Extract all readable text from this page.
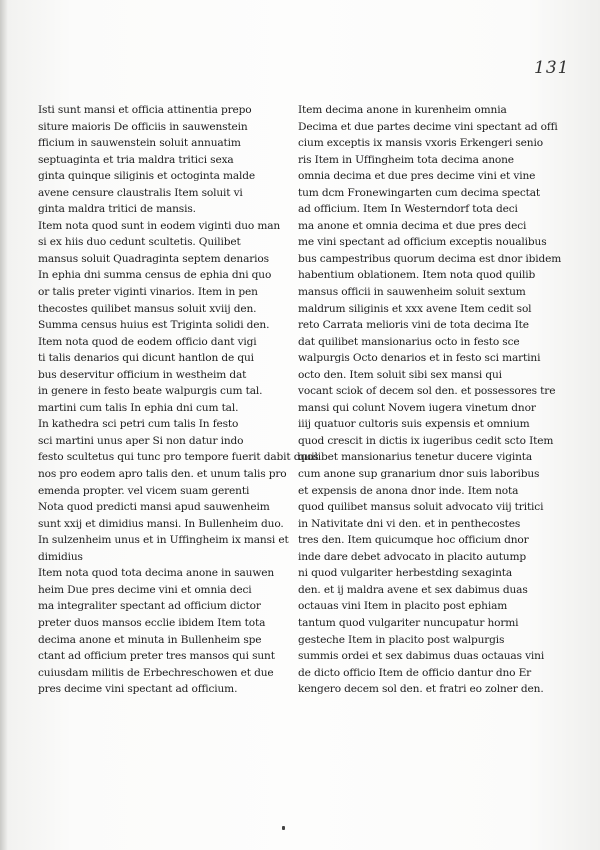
131
Isti sunt mansi et officia attinentia prepo
siture maioris De officiis in sauwenstein
fficium in sauwenstein soluit annuatim
septuaginta et tria maldra tritici sexa
ginta quinque siliginis et octoginta malde
avene censure claustralis Item soluit vi
ginta maldra tritici de mansis.
Item nota quod sunt in eodem viginti duo man
si ex hiis duo cedunt scultetis. Quilibet
mansus soluit Quadraginta septem denarios
In ephia dni summa census de ephia dni quo
or talis preter viginti vinarios. Item in pen
thecostes quilibet mansus soluit xviij den.
Summa census huius est Triginta solidi den.
Item nota quod de eodem officio dant vigi
ti talis denarios qui dicunt hantlon de qui
bus deservitur officium in westheim dat
in genere in festo beate walpurgis cum tal.
martini cum talis In ephia dni cum tal.
In kathedra sci petri cum talis In festo
sci martini unus aper Si non datur indo
festo scultetus qui tunc pro tempore fuerit dabit duos
nos pro eodem apro talis den. et unum talis pro
emenda propter. vel vicem suam gerenti
Nota quod predicti mansi apud sauwenheim
sunt xxij et dimidius mansi. In Bullenheim duo.
In sulzenheim unus et in Uffingheim ix mansi et
dimidius
Item nota quod tota decima anone in sauwen
heim Due pres decime vini et omnia deci
ma integraliter spectant ad officium dictor
preter duos mansos ecclie ibidem Item tota
decima anone et minuta in Bullenheim spe
ctant ad officium preter tres mansos qui sunt
cuiusdam militis de Erbechreschowen et due
pres decime vini spectant ad officium.
Item decima anone in kurenheim omnia
Decima et due partes decime vini spectant ad offi
cium exceptis ix mansis vxoris Erkengeri senio
ris Item in Uffingheim tota decima anone
omnia decima et due pres decime vini et vine
tum dcm Fronewingarten cum decima spectat
ad officium. Item In Westerndorf tota deci
ma anone et omnia decima et due pres deci
me vini spectant ad officium exceptis noualibus
bus campestribus quorum decima est dnor ibidem
habentium oblationem. Item nota quod quilib
mansus officii in sauwenheim soluit sextum
maldrum siliginis et xxx avene Item cedit sol
reto Carrata melioris vini de tota decima Ite
dat quilibet mansionarius octo in festo sce
walpurgis Octo denarios et in festo sci martini
octo den. Item soluit sibi sex mansi qui
vocant sciok of decem sol den. et possessores tre
mansi qui colunt Novem iugera vinetum dnor
iiij quatuor cultoris suis expensis et omnium
quod crescit in dictis ix iugeribus cedit scto Item
quilibet mansionarius tenetur ducere viginta
cum anone sup granarium dnor suis laboribus
et expensis de anona dnor inde. Item nota
quod quilibet mansus soluit advocato viij tritici
in Nativitate dni vi den. et in penthecostes
tres den. Item quicumque hoc officium dnor
inde dare debet advocato in placito autump
ni quod vulgariter herbestding sexaginta
den. et ij maldra avene et sex dabimus duas
octauas vini Item in placito post ephiam
tantum quod vulgariter nuncupatur hormi
gesteche Item in placito post walpurgis
summis ordei et sex dabimus duas octauas vini
de dicto officio Item de officio dantur dno Er
kengero decem sol den. et fratri eo zolner den.
